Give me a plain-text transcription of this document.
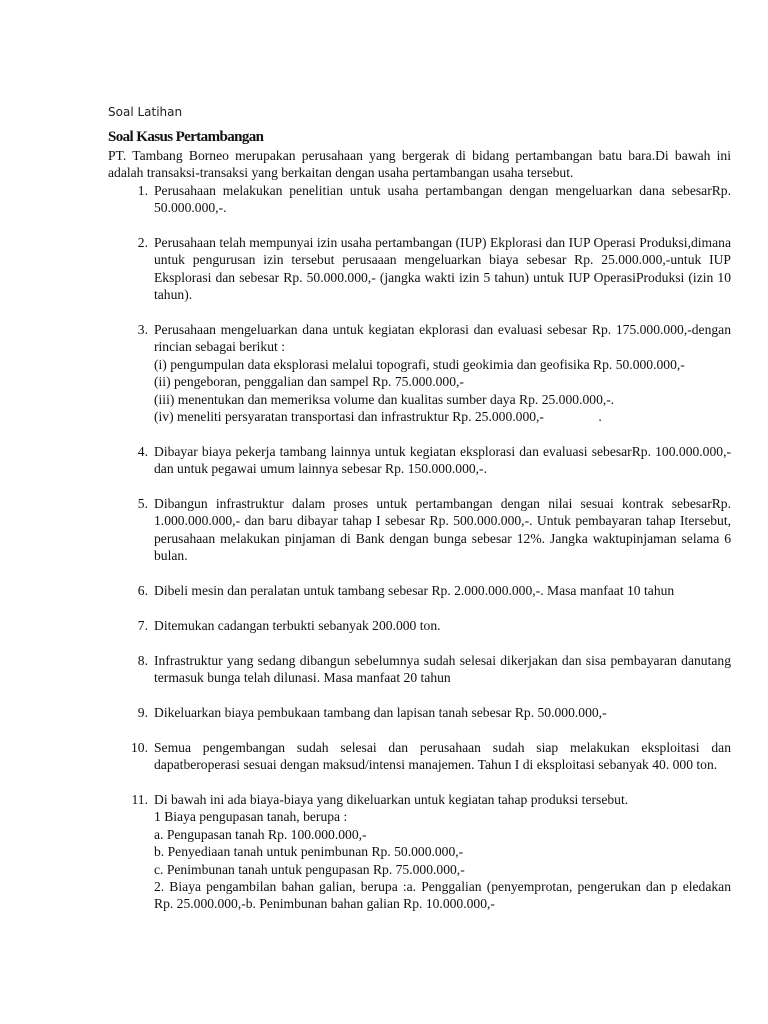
Soal Latihan
Soal Kasus Pertambangan

PT. Tambang Borneo merupakan perusahaan yang bergerak di bidang pertambangan batu bara.Di bawah ini adalah transaksi-transaksi yang berkaitan dengan usaha pertambangan usaha tersebut.

1. Perusahaan melakukan penelitian untuk usaha pertambangan dengan mengeluarkan dana sebesarRp. 50.000.000,-.

2. Perusahaan telah mempunyai izin usaha pertambangan (IUP) Ekplorasi dan IUP Operasi Produksi,dimana untuk pengurusan izin tersebut perusaaan mengeluarkan biaya sebesar Rp. 25.000.000,-untuk IUP Eksplorasi dan sebesar Rp. 50.000.000,- (jangka wakti izin 5 tahun) untuk IUP OperasiProduksi (izin 10 tahun).

3. Perusahaan mengeluarkan dana untuk kegiatan ekplorasi dan evaluasi sebesar Rp. 175.000.000,-dengan rincian sebagai berikut :

(i) pengumpulan data eksplorasi melalui topografi, studi geokimia dan geofisika Rp. 50.000.000,-
(ii) pengeboran, penggalian dan sampel Rp. 75.000.000,-
(iii) menentukan dan memeriksa volume dan kualitas sumber daya Rp. 25.000.000,-.
(iv) meneliti persyaratan transportasi dan infrastruktur Rp. 25.000.000,-                .
4. Dibayar biaya pekerja tambang lainnya untuk kegiatan eksplorasi dan evaluasi sebesarRp. 100.000.000,- dan untuk pegawai umum lainnya sebesar Rp. 150.000.000,-.

5. Dibangun infrastruktur dalam proses untuk pertambangan dengan nilai sesuai kontrak sebesarRp. 1.000.000.000,- dan baru dibayar tahap I sebesar Rp. 500.000.000,-. Untuk pembayaran tahap Itersebut, perusahaan melakukan pinjaman di Bank dengan bunga sebesar 12%. Jangka waktupinjaman selama 6 bulan.

6. Dibeli mesin dan peralatan untuk tambang sebesar Rp. 2.000.000.000,-. Masa manfaat 10 tahun

7. Ditemukan cadangan terbukti sebanyak 200.000 ton.

8. Infrastruktur yang sedang dibangun sebelumnya sudah selesai dikerjakan dan sisa pembayaran danutang termasuk bunga telah dilunasi. Masa manfaat 20 tahun

9. Dikeluarkan biaya pembukaan tambang dan lapisan tanah sebesar Rp. 50.000.000,-

10. Semua pengembangan sudah selesai dan perusahaan sudah siap melakukan eksploitasi dan dapatberoperasi sesuai dengan maksud/intensi manajemen. Tahun I di eksploitasi sebanyak 40. 000 ton.

11. Di bawah ini ada biaya-biaya yang dikeluarkan untuk kegiatan tahap produksi tersebut.
1 Biaya pengupasan tanah, berupa :
a. Pengupasan tanah Rp. 100.000.000,-
b. Penyediaan tanah untuk penimbunan Rp. 50.000.000,-
c. Penimbunan tanah untuk pengupasan Rp. 75.000.000,-
2. Biaya pengambilan bahan galian, berupa :a. Penggalian (penyemprotan, pengerukan dan p eledakan Rp. 25.000.000,-b. Penimbunan bahan galian Rp. 10.000.000,-
